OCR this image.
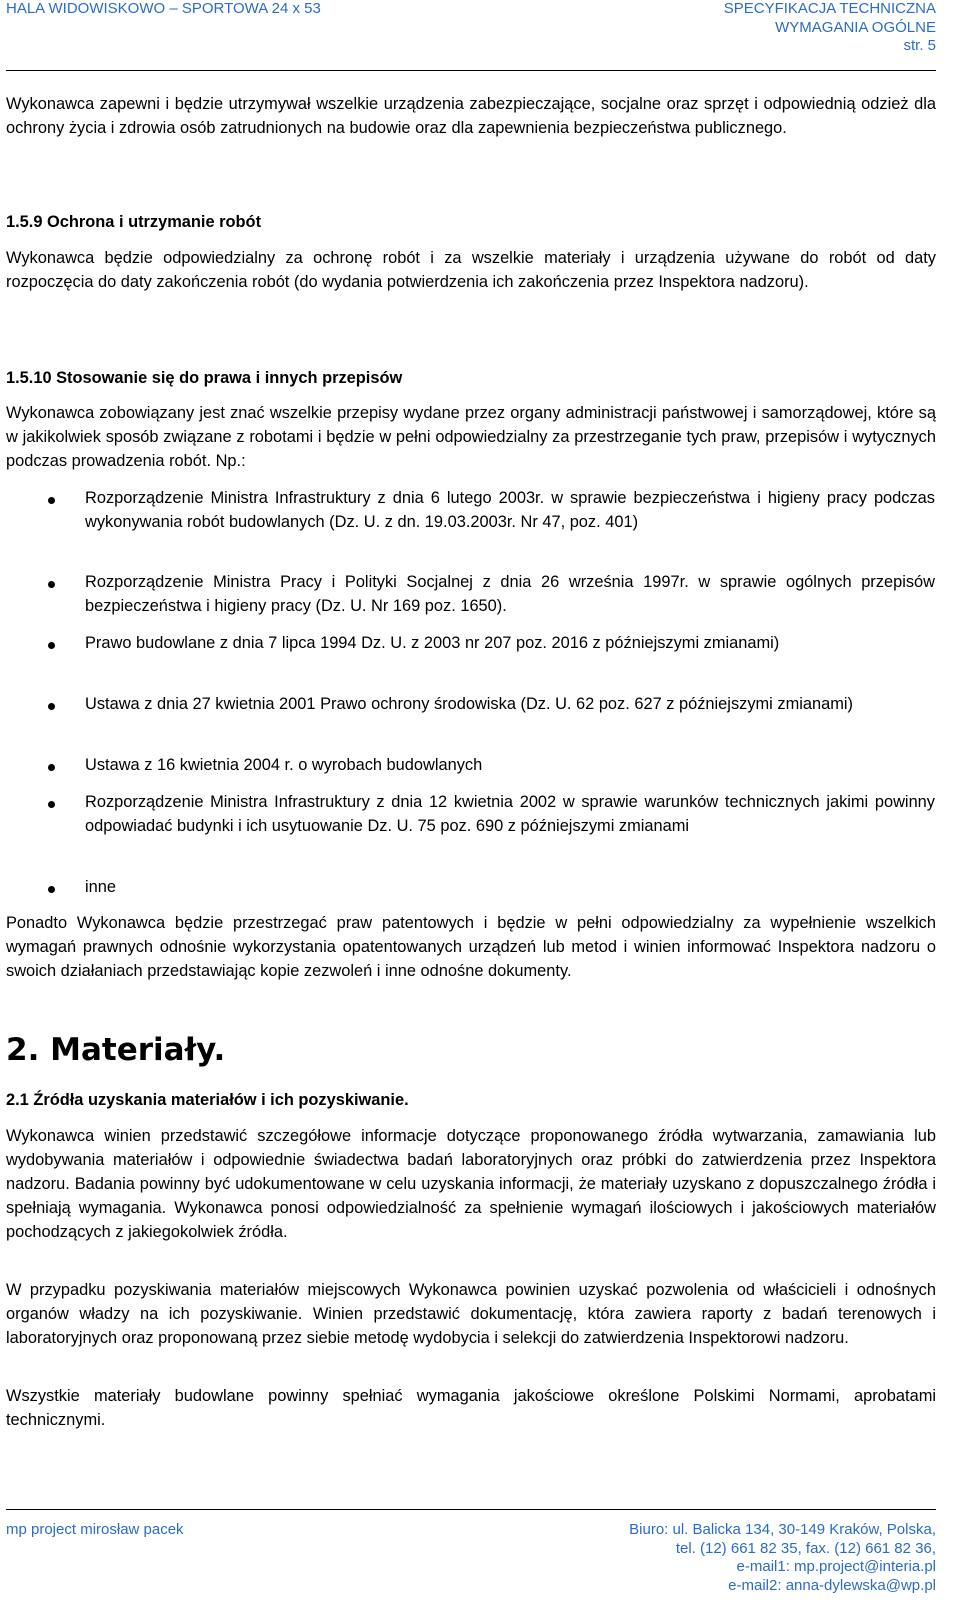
HALA WIDOWISKOWO – SPORTOWA 24 x 53	SPECYFIKACJA TECHNICZNA
WYMAGANIA OGÓLNE
str. 5
Wykonawca zapewni i będzie utrzymywał wszelkie urządzenia zabezpieczające, socjalne oraz sprzęt i odpowiednią odzież dla ochrony życia i zdrowia osób zatrudnionych na budowie oraz dla zapewnienia bezpieczeństwa publicznego.
1.5.9 Ochrona i utrzymanie robót
Wykonawca będzie odpowiedzialny za ochronę robót i za wszelkie materiały i urządzenia używane do robót od daty rozpoczęcia do daty zakończenia robót (do wydania potwierdzenia ich zakończenia przez Inspektora nadzoru).
1.5.10 Stosowanie się do prawa i innych przepisów
Wykonawca zobowiązany jest znać wszelkie przepisy wydane przez organy administracji państwowej i samorządowej, które są w jakikolwiek sposób związane z robotami i będzie w pełni odpowiedzialny za przestrzeganie tych praw, przepisów i wytycznych podczas prowadzenia robót. Np.:
Rozporządzenie Ministra Infrastruktury z dnia 6 lutego 2003r. w sprawie bezpieczeństwa i higieny pracy podczas wykonywania robót budowlanych (Dz. U. z dn. 19.03.2003r. Nr 47, poz. 401)
Rozporządzenie Ministra Pracy i Polityki Socjalnej z dnia 26 września 1997r. w sprawie ogólnych przepisów bezpieczeństwa i higieny pracy (Dz. U. Nr 169 poz. 1650).
Prawo budowlane z dnia 7 lipca 1994 Dz. U. z 2003 nr 207 poz. 2016 z późniejszymi zmianami)
Ustawa z dnia 27 kwietnia 2001 Prawo ochrony środowiska (Dz. U. 62 poz. 627 z późniejszymi zmianami)
Ustawa z 16 kwietnia 2004 r. o wyrobach budowlanych
Rozporządzenie Ministra Infrastruktury z dnia 12 kwietnia 2002 w sprawie warunków technicznych jakimi powinny odpowiadać budynki i ich usytuowanie Dz. U. 75 poz. 690 z późniejszymi zmianami
inne
Ponadto Wykonawca będzie przestrzegać praw patentowych i będzie w pełni odpowiedzialny za wypełnienie wszelkich wymagań prawnych odnośnie wykorzystania opatentowanych urządzeń lub metod i winien informować Inspektora nadzoru o swoich działaniach przedstawiając kopie zezwoleń i inne odnośne dokumenty.
2. Materiały.
2.1 Źródła uzyskania materiałów i ich pozyskiwanie.
Wykonawca winien przedstawić szczegółowe informacje dotyczące proponowanego źródła wytwarzania, zamawiania lub wydobywania materiałów i odpowiednie świadectwa badań laboratoryjnych oraz próbki do zatwierdzenia przez Inspektora nadzoru. Badania powinny być udokumentowane w celu uzyskania informacji, że materiały uzyskano z dopuszczalnego źródła i spełniają wymagania. Wykonawca ponosi odpowiedzialność za spełnienie wymagań ilościowych i jakościowych materiałów pochodzących z jakiegokolwiek źródła.
W przypadku pozyskiwania materiałów miejscowych Wykonawca powinien uzyskać pozwolenia od właścicieli i odnośnych organów władzy na ich pozyskiwanie. Winien przedstawić dokumentację, która zawiera raporty z badań terenowych i laboratoryjnych oraz proponowaną przez siebie metodę wydobycia i selekcji do zatwierdzenia Inspektorowi nadzoru.
Wszystkie materiały budowlane powinny spełniać wymagania jakościowe określone Polskimi Normami, aprobatami technicznymi.
mp project mirosław pacek	Biuro: ul. Balicka 134, 30-149 Kraków, Polska,
tel. (12) 661 82 35, fax. (12) 661 82 36,
e-mail1: mp.project@interia.pl
e-mail2: anna-dylewska@wp.pl
